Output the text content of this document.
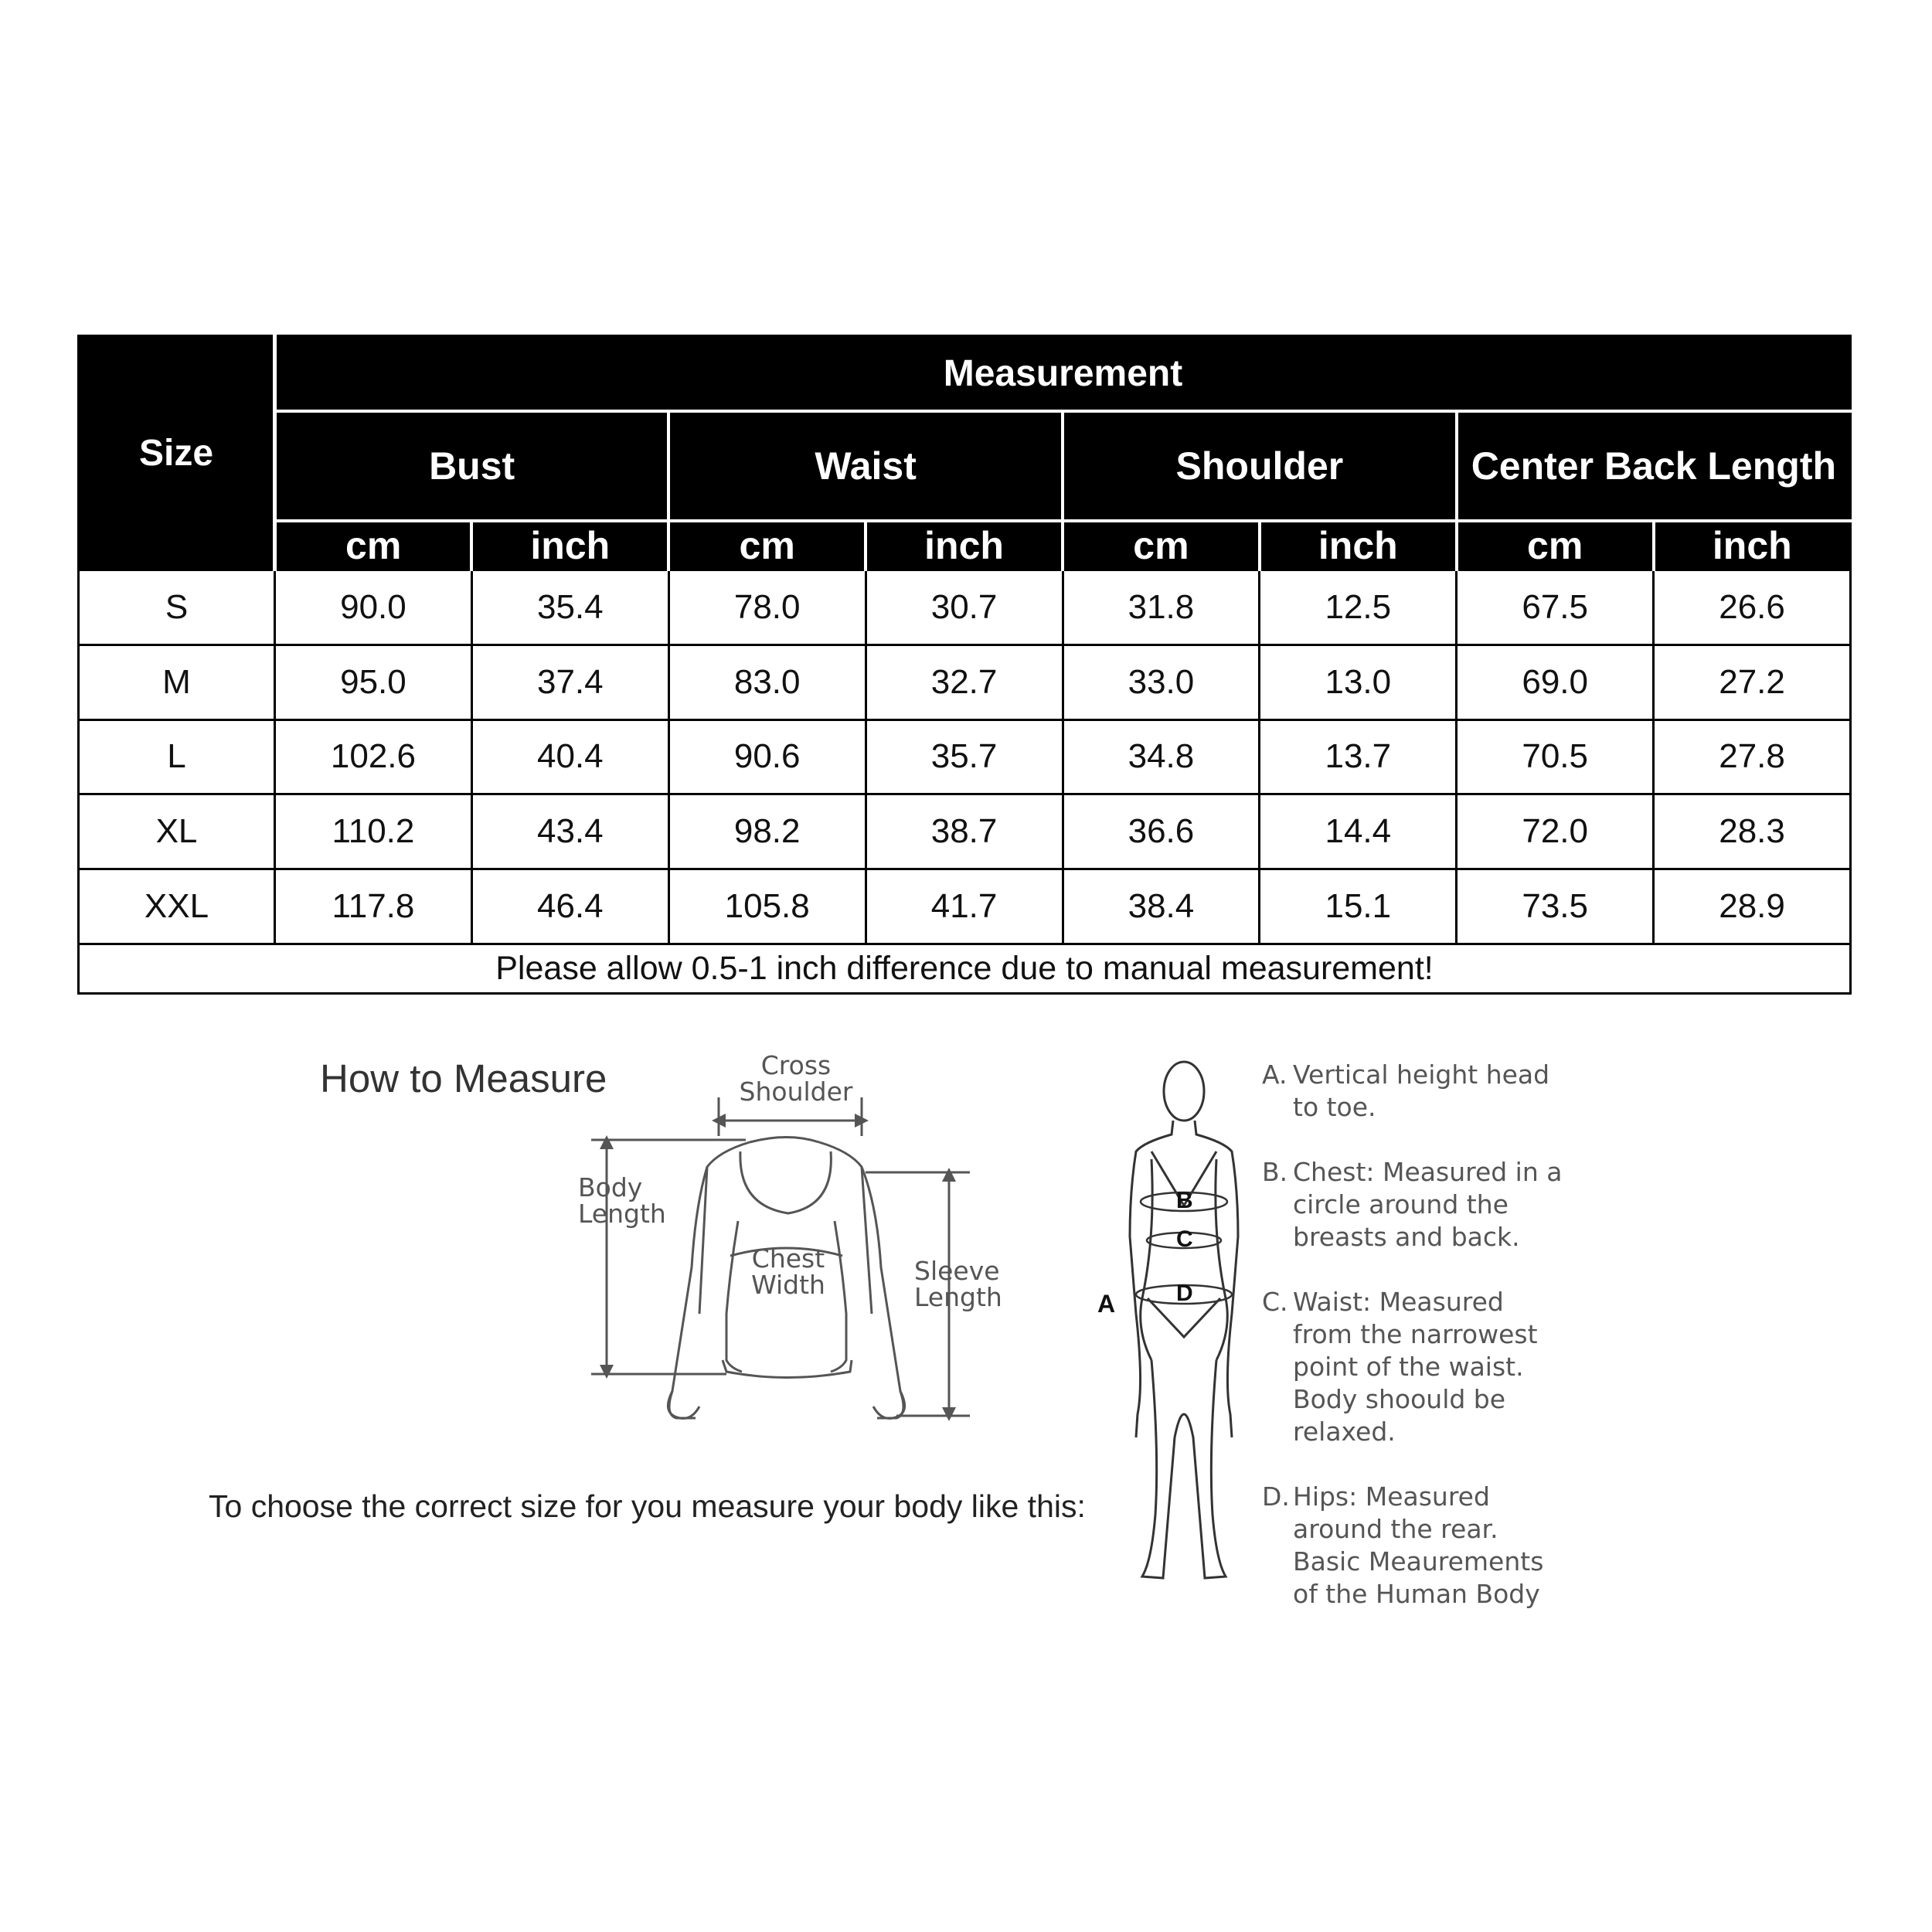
Size	Measurement							
	Bust		Waist		Shoulder		Center Back Length	
	cm	inch	cm	inch	cm	inch	cm	inch
S	90.0	35.4	78.0	30.7	31.8	12.5	67.5	26.6
M	95.0	37.4	83.0	32.7	33.0	13.0	69.0	27.2
L	102.6	40.4	90.6	35.7	34.8	13.7	70.5	27.8
XL	110.2	43.4	98.2	38.7	36.6	14.4	72.0	28.3
XXL	117.8	46.4	105.8	41.7	38.4	15.1	73.5	28.9
Please allow 0.5-1 inch difference due to manual measurement!								
How to Measure
To choose the correct size for you measure your body like this:
Cross
Shoulder
Body
Length
Chest
Width	Sleeve
Length	A
B
C
D
A. Vertical height head
to toe.
B. Chest: Measured in a
circle around the
breasts and back.
C. Waist: Measured
from the narrowest
point of the waist.
Body shoould be
relaxed.
D. Hips: Measured
around the rear.
Basic Meaurements
of the Human Body
